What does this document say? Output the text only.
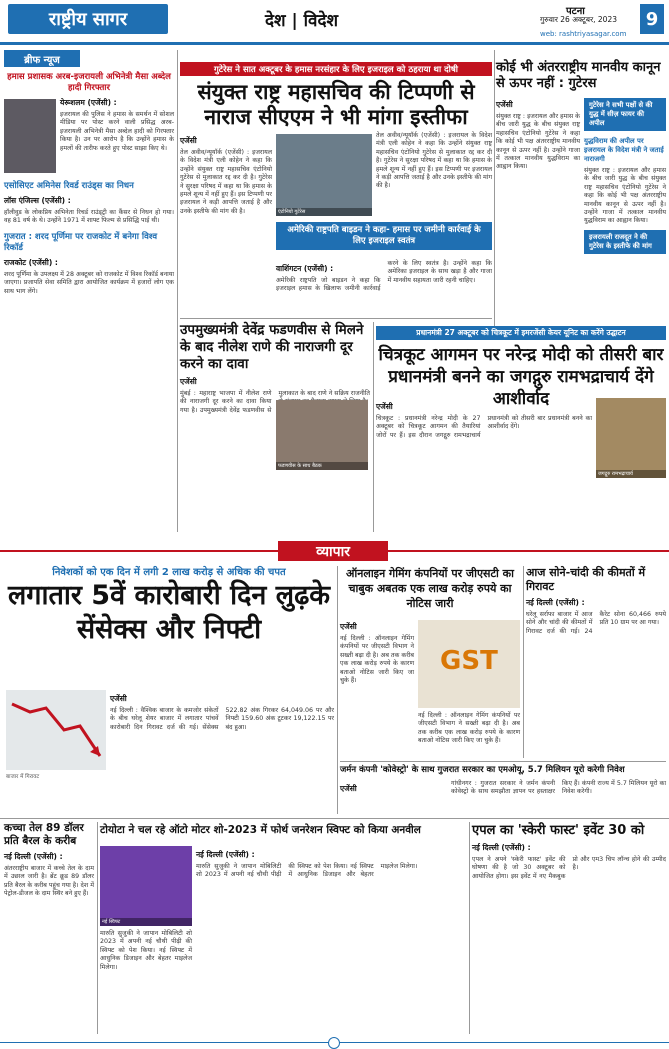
राष्ट्रीय सागर	देश | विदेश	पटना
गुरुवार 26 अक्टूबर, 2023
web: rashtriyasagar.com
9
ब्रीफ न्यूज
हमास प्रशासक अरब-इजरायली अभिनेत्री मैसा अब्देल हादी गिरफ्तार
येरूशलम (एजेंसी) :
इजरायल की पुलिस ने हमास के समर्थन में सोशल मीडिया पर पोस्ट करने वाली प्रसिद्ध अरब-इजरायली अभिनेत्री मैसा अब्देल हादी को गिरफ्तार किया है। उन पर आरोप है कि उन्होंने हमास के हमलों की तारीफ करते हुए पोस्ट साझा किए थे।
एसोसिएट अमिनेस रिवर्ड राउंड्स का निधन
लॉस एंजिल्स (एजेंसी) :
हॉलीवुड के लोकप्रिय अभिनेता रिचर्ड राउंड्ट्री का कैंसर से निधन हो गया। वह 81 वर्ष के थे। उन्होंने 1971 में शाफ्ट फिल्म से प्रसिद्धि पाई थी।
गुजरात : शरद पूर्णिमा पर राजकोट में बनेगा विश्व रिकॉर्ड
राजकोट (एजेंसी) :
शरद पूर्णिमा के उपलक्ष्य में 28 अक्टूबर को राजकोट में विश्व रिकॉर्ड बनाया जाएगा। प्रजापति सेवा समिति द्वारा आयोजित कार्यक्रम में हजारों लोग एक साथ भाग लेंगे।
गुटेरेस ने सात अक्टूबर के हमास नरसंहार के लिए इजराइल को ठहराया था दोषी
संयुक्त राष्ट्र महासचिव की टिप्पणी से नाराज सीएएम ने भी मांगा इस्तीफा
एजेंसी
तेल अवीव/न्यूयॉर्क (एजेंसी) : इजरायल के विदेश मंत्री एली कोहेन ने कहा कि उन्होंने संयुक्त राष्ट्र महासचिव एंटोनियो गुटेरेस से मुलाकात रद्द कर दी है। गुटेरेस ने सुरक्षा परिषद में कहा था कि हमास के हमले शून्य में नहीं हुए हैं। इस टिप्पणी पर इजरायल ने कड़ी आपत्ति जताई है और उनके इस्तीफे की मांग की है।	एंटोनियो गुटेरेस
तेल अवीव/न्यूयॉर्क (एजेंसी) : इजरायल के विदेश मंत्री एली कोहेन ने कहा कि उन्होंने संयुक्त राष्ट्र महासचिव एंटोनियो गुटेरेस से मुलाकात रद्द कर दी है। गुटेरेस ने सुरक्षा परिषद में कहा था कि हमास के हमले शून्य में नहीं हुए हैं। इस टिप्पणी पर इजरायल ने कड़ी आपत्ति जताई है और उनके इस्तीफे की मांग की है।
अमेरिकी राष्ट्रपति बाइडन ने कहा- हमास पर जमीनी कार्रवाई के लिए इजराइल स्वतंत्र
वाशिंगटन (एजेंसी) :
अमेरिकी राष्ट्रपति जो बाइडन ने कहा कि इजराइल हमास के खिलाफ जमीनी कार्रवाई करने के लिए स्वतंत्र है। उन्होंने कहा कि अमेरिका इजराइल के साथ खड़ा है और गाजा में मानवीय सहायता जारी रहनी चाहिए।
कोई भी अंतरराष्ट्रीय मानवीय कानून से ऊपर नहीं : गुटेरस
एजेंसी
संयुक्त राष्ट्र : इजरायल और हमास के बीच जारी युद्ध के बीच संयुक्त राष्ट्र महासचिव एंटोनियो गुटेरेस ने कहा कि कोई भी पक्ष अंतरराष्ट्रीय मानवीय कानून से ऊपर नहीं है। उन्होंने गाजा में तत्काल मानवीय युद्धविराम का आह्वान किया।
गुटेरेस ने सभी पक्षों से की युद्ध में सीज़ फायर की अपील
युद्धविराम की अपील पर इजरायल के विदेश मंत्री ने जताई नाराजगी
संयुक्त राष्ट्र : इजरायल और हमास के बीच जारी युद्ध के बीच संयुक्त राष्ट्र महासचिव एंटोनियो गुटेरेस ने कहा कि कोई भी पक्ष अंतरराष्ट्रीय मानवीय कानून से ऊपर नहीं है। उन्होंने गाजा में तत्काल मानवीय युद्धविराम का आह्वान किया।
इजरायली राजदूत ने की गुटेरेस के इस्तीफे की मांग
उपमुख्यमंत्री देवेंद्र फडणवीस से मिलने के बाद नीलेश राणे की नाराजगी दूर करने का दावा
एजेंसी
मुंबई : महाराष्ट्र भाजपा में नीलेश राणे की नाराजगी दूर करने का दावा किया गया है। उपमुख्यमंत्री देवेंद्र फडणवीस से मुलाकात के बाद राणे ने सक्रिय राजनीति
फडणवीस के साथ बैठक
प्रधानमंत्री 27 अक्टूबर को चित्रकूट में इमरजेंसी केयर यूनिट का करेंगे उद्घाटन
चित्रकूट आगमन पर नरेन्द्र मोदी को तीसरी बार प्रधानमंत्री बनने का जगद्गुरु रामभद्राचार्य देंगे आशीर्वाद
जगद्गुरु रामभद्राचार्य
एजेंसी
चित्रकूट : प्रधानमंत्री नरेन्द्र मोदी के 27 अक्टूबर को चित्रकूट आगमन की तैयारियां जोरों पर हैं। इस दौरान जगद्गुरु रामभद्राचार्य प्रधानमंत्री को तीसरी बार प्रधानमंत्री बनने का आशीर्वाद देंगे।
व्यापार
निवेशकों को एक दिन में लगी 2 लाख करोड़ से अधिक की चपत
लगातार 5वें कारोबारी दिन लुढ़के सेंसेक्स और निफ्टी
बाजार में गिरावट
एजेंसी
नई दिल्ली : वैश्विक बाजार के कमजोर संकेतों के बीच घरेलू शेयर बाजार में लगातार पांचवें कारोबारी दिन गिरावट दर्ज की गई। सेंसेक्स 522.82 अंक गिरकर 64,049.06 पर और निफ्टी 159.60 अंक टूटकर 19,122.15 पर बंद हुआ।
ऑनलाइन गेमिंग कंपनियों पर जीएसटी का चाबुक अबतक एक लाख करोड़ रुपये का नोटिस जारी
एजेंसी
नई दिल्ली : ऑनलाइन गेमिंग कंपनियों पर जीएसटी विभाग ने सख्ती बढ़ा दी है। अब तक करीब एक लाख करोड़ रुपये के कारण बताओ नोटिस जारी किए जा चुके हैं।
GST
नई दिल्ली : ऑनलाइन गेमिंग कंपनियों पर जीएसटी विभाग ने सख्ती बढ़ा दी है। अब तक करीब एक लाख करोड़ रुपये के कारण बताओ नोटिस जारी किए जा चुके हैं।
आज सोने-चांदी की कीमतों में गिरावट
नई दिल्ली (एजेंसी) :
घरेलू सर्राफा बाजार में आज सोने और चांदी की कीमतों में गिरावट दर्ज की गई। 24 कैरेट सोना 60,466 रुपये प्रति 10 ग्राम पर आ गया।
जर्मन कंपनी 'कोवेस्ट्रो' के साथ गुजरात सरकार का एमओयू, 5.7 मिलियन यूरो करेगी निवेश
एजेंसी
गांधीनगर : गुजरात सरकार ने जर्मन कंपनी कोवेस्ट्रो के साथ समझौता ज्ञापन पर हस्ताक्षर किए हैं। कंपनी राज्य में 5.7 मिलियन यूरो का निवेश करेगी।
कच्चा तेल 89 डॉलर प्रति बैरल के करीब
नई दिल्ली (एजेंसी) :
अंतरराष्ट्रीय बाजार में कच्चे तेल के दाम में उछाल जारी है। ब्रेंट क्रूड 89 डॉलर प्रति बैरल के करीब पहुंच गया है। देश में पेट्रोल-डीजल के दाम स्थिर बने हुए हैं।
टोयोटा ने चल रहे ऑटो मोटर शो-2023 में फोर्थ जनरेशन स्विफ्ट को किया अनवील
नई स्विफ्ट
नई दिल्ली (एजेंसी) :
मारुति सुजुकी ने जापान मोबिलिटी शो 2023 में अपनी नई चौथी पीढ़ी की स्विफ्ट को पेश किया। नई स्विफ्ट में आधुनिक डिजाइन और बेहतर माइलेज मिलेगा।
मारुति सुजुकी ने जापान मोबिलिटी शो 2023 में अपनी नई चौथी पीढ़ी की स्विफ्ट को पेश किया। नई स्विफ्ट में आधुनिक डिजाइन और बेहतर माइलेज मिलेगा।
एपल का 'स्केरी फास्ट' इवेंट 30 को
नई दिल्ली (एजेंसी) :
एपल ने अपने 'स्केरी फास्ट' इवेंट की घोषणा की है जो 30 अक्टूबर को आयोजित होगा। इस इवेंट में नए मैकबुक प्रो और एम3 चिप लॉन्च होने की उम्मीद है।
